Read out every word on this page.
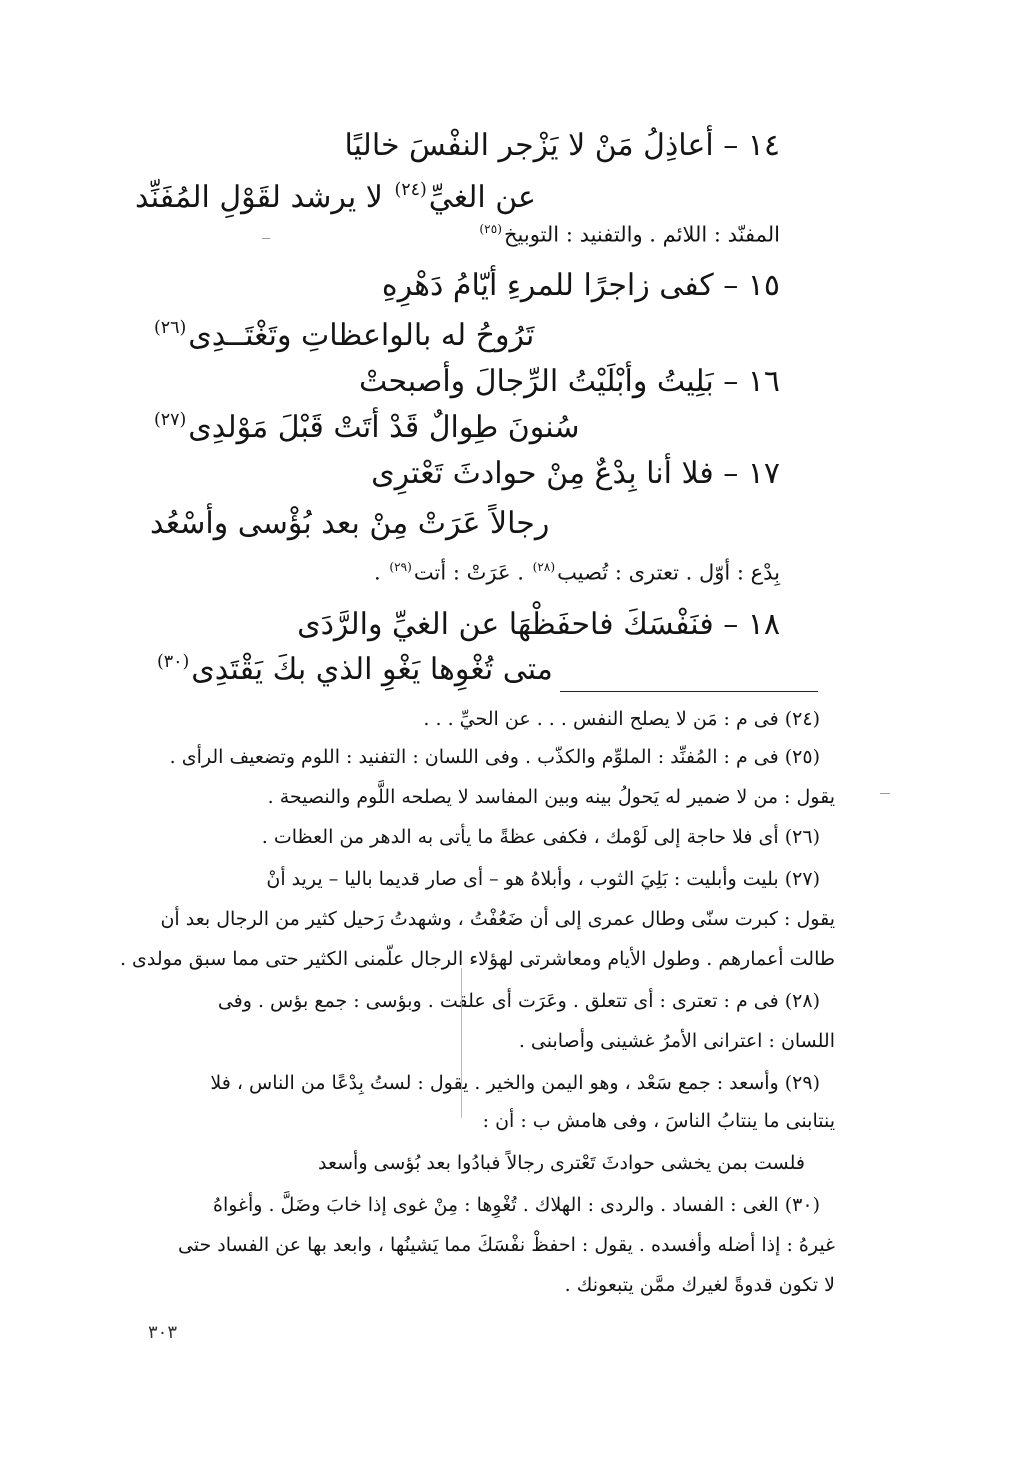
١٤ – أعاذِلُ مَنْ لا يَزْجر النفْسَ خاليًا
عن الغيِّ$^{(٢٤)}$ لا يرشد لقَوْلِ المُفَنِّد
المفنّد : اللائم . والتفنيد : التوبيخ$^{(٢٥)}$
١٥ – كفى زاجرًا للمرءِ أيّامُ دَهْرِهِ
تَرُوحُ له بالواعظاتِ وتَغْتَــدِى$^{(٢٦)}$
١٦ – بَلِيتُ وأبْلَيْتُ الرِّجالَ وأصبحتْ
سُنونَ طِوالٌ قَدْ أتَتْ قَبْلَ مَوْلدِى$^{(٢٧)}$
١٧ – فلا أنا بِدْعٌ مِنْ حوادثَ تَعْترِى
رجالاً عَرَتْ مِنْ بعد بُؤْسى وأسْعُد
بِدْع : أوّل . تعترى : تُصيب$^{(٢٨)}$ . عَرَتْ : أتت$^{(٢٩)}$ .
١٨ – فنَفْسَكَ فاحفَظْهَا عن الغيِّ والرَّدَى
متى تُغْوِها يَغْوِ الذي بكَ يَقْتَدِى$^{(٣٠)}$
(٢٤) فى م : مَن لا يصلح النفس . . . عن الحيِّ . . .
(٢٥) فى م : المُفنِّد : الملوِّم والكذّب . وفى اللسان : التفنيد : اللوم وتضعيف الرأى .
يقول : من لا ضمير له يَحولُ بينه وبين المفاسد لا يصلحه اللَّوم والنصيحة .
(٢٦) أى فلا حاجة إلى لَوْمك ، فكفى عظةً ما يأتى به الدهر من العظات .
(٢٧) بليت وأبليت : بَلِيَ الثوب ، وأبلاهُ هو – أى صار قديما باليا – يريد أنْ
يقول : كبرت سنّى وطال عمرى إلى أن ضَعُفْتُ ، وشهدتُ رَحيل كثير من الرجال بعد أن
طالت أعمارهم . وطول الأيام ومعاشرتى لهؤلاء الرجال علّمنى الكثير حتى مما سبق مولدى .
(٢٨) فى م : تعترى : أى تتعلق . وعَرَت أى علقت . وبؤسى : جمع بؤس . وفى
اللسان : اعترانى الأمرُ غشينى وأصابنى .
(٢٩) وأسعد : جمع سَعْد ، وهو اليمن والخير . يقول : لستُ بِدْعًا من الناس ، فلا
ينتابنى ما ينتابُ الناسَ ، وفى هامش ب : أن :
فلست بمن يخشى حوادثَ تَعْترى رجالاً فبادُوا بعد بُؤسى وأسعد
(٣٠) الغى : الفساد . والردى : الهلاك . تُغْوِها : مِنْ غوى إذا خابَ وضَلَّ . وأغواهُ
غيرهُ : إذا أضله وأفسده . يقول : احفظْ نفْسَكَ مما يَشينُها ، وابعد بها عن الفساد حتى
لا تكون قدوةً لغيرك ممَّن يتبعونك .
٣٠٣
